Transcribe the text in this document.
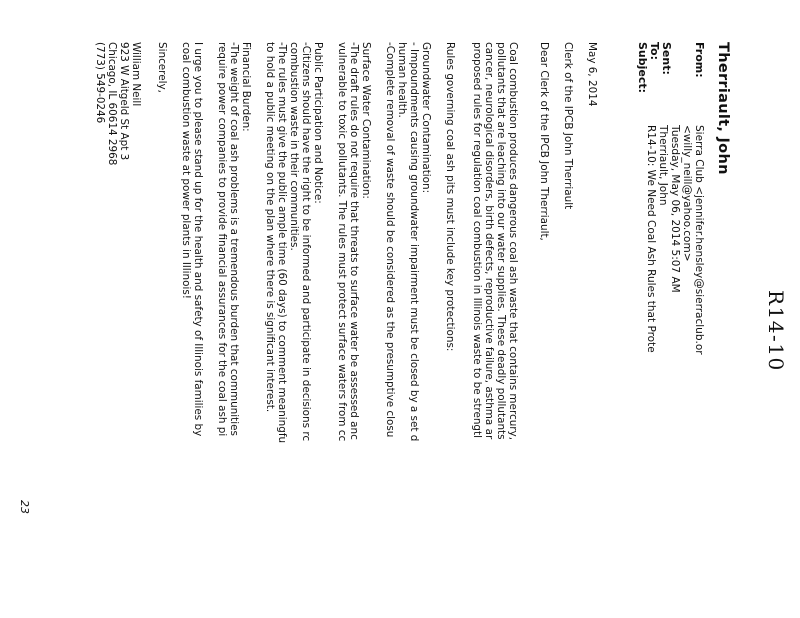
R14-10
Therriault, John
From:
Sent:
To:
Subject:
Sierra Club <jennifer.hensley@sierraclub.or
<willy_neill@yahoo.com>
Tuesday, May 06, 2014 5:07 AM
Therriault, John
R14-10: We Need Coal Ash Rules that Prote
May 6, 2014
Clerk of the IPCB John Therriault
Dear Clerk of the IPCB John Therriault,
Coal combustion produces dangerous coal ash waste that contains mercury,
pollutants that are leaching into our water supplies. These deadly pollutants
cancer, neurological disorders, birth defects, reproductive failure, asthma ar
proposed rules for regulation coal combustion in Illinois waste to be strengtl
Rules governing coal ash pits must include key protections:
Groundwater Contamination:
- Impoundments causing groundwater impairment must be closed by a set d
human health.
-Complete removal of waste should be considered as the presumptive closu
Surface Water Contamination:
-The draft rules do not require that threats to surface water be assessed anc
vulnerable to toxic pollutants. The rules must protect surface waters from cc
Public Participation and Notice:
-Citizens should have the right to be informed and participate in decisions rc
combustion waste in their communities.
-The rules must give the public ample time (60 days) to comment meaningfu
to hold a public meeting on the plan where there is significant interest.
Financial Burden:
-The weight of coal ash problems is a tremendous burden that communities
require power companies to provide financial assurances for the coal ash pi
I urge you to please stand up for the health and safety of Illinois families by
coal combustion waste at power plants in Illinois!
Sincerely,
William Neill
923 W Aitgeld St Apt 3
Chicago, IL 60614 2968
(773) 549-0246
23
